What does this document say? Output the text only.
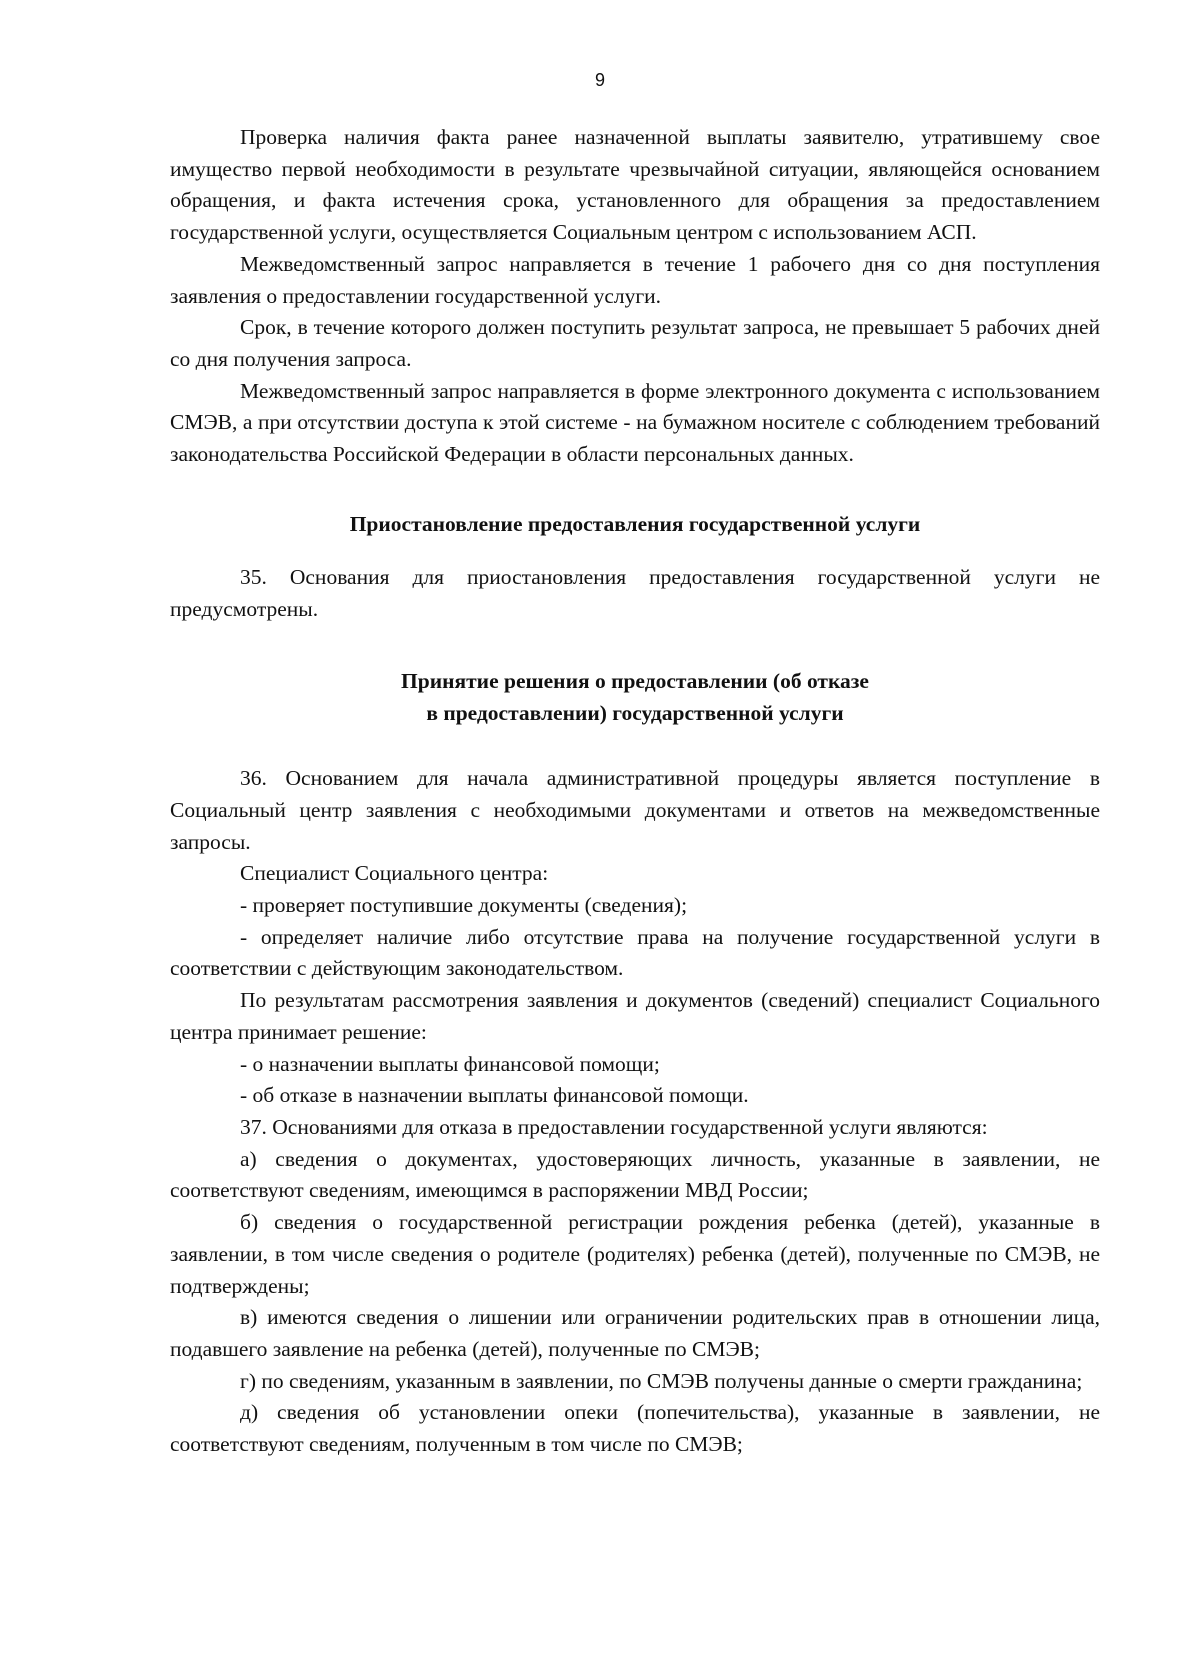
9

Проверка наличия факта ранее назначенной выплаты заявителю, утратившему свое имущество первой необходимости в результате чрезвычайной ситуации, являющейся основанием обращения, и факта истечения срока, установленного для обращения за предоставлением государственной услуги, осуществляется Социальным центром с использованием АСП.

Межведомственный запрос направляется в течение 1 рабочего дня со дня поступления заявления о предоставлении государственной услуги.

Срок, в течение которого должен поступить результат запроса, не превышает 5 рабочих дней со дня получения запроса.

Межведомственный запрос направляется в форме электронного документа с использованием СМЭВ, а при отсутствии доступа к этой системе - на бумажном носителе с соблюдением требований законодательства Российской Федерации в области персональных данных.

Приостановление предоставления государственной услуги

35. Основания для приостановления предоставления государственной услуги не предусмотрены.

Принятие решения о предоставлении (об отказе
в предоставлении) государственной услуги

36. Основанием для начала административной процедуры является поступление в Социальный центр заявления с необходимыми документами и ответов на межведомственные запросы.

Специалист Социального центра:

- проверяет поступившие документы (сведения);

- определяет наличие либо отсутствие права на получение государственной услуги в соответствии с действующим законодательством.

По результатам рассмотрения заявления и документов (сведений) специалист Социального центра принимает решение:

- о назначении выплаты финансовой помощи;

- об отказе в назначении выплаты финансовой помощи.

37. Основаниями для отказа в предоставлении государственной услуги являются:

а) сведения о документах, удостоверяющих личность, указанные в заявлении, не соответствуют сведениям, имеющимся в распоряжении МВД России;

б) сведения о государственной регистрации рождения ребенка (детей), указанные в заявлении, в том числе сведения о родителе (родителях) ребенка (детей), полученные по СМЭВ, не подтверждены;

в) имеются сведения о лишении или ограничении родительских прав в отношении лица, подавшего заявление на ребенка (детей), полученные по СМЭВ;

г) по сведениям, указанным в заявлении, по СМЭВ получены данные о смерти гражданина;

д) сведения об установлении опеки (попечительства), указанные в заявлении, не соответствуют сведениям, полученным в том числе по СМЭВ;
